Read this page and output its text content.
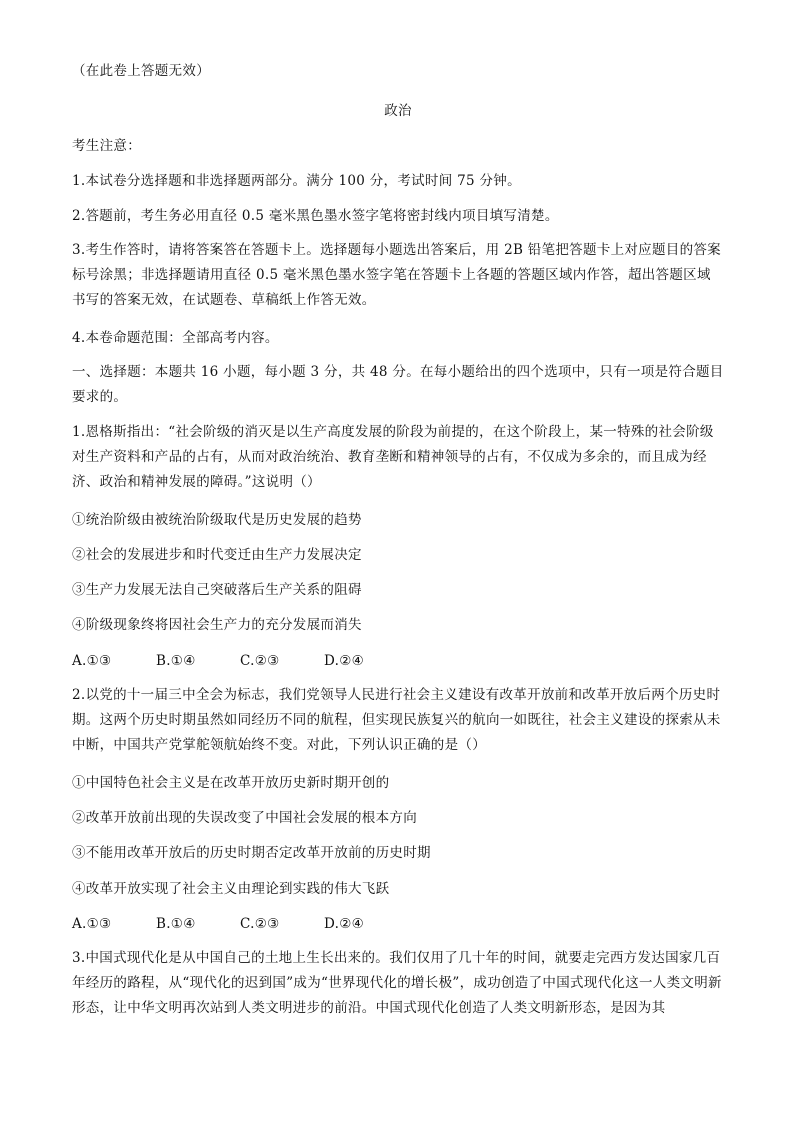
（在此卷上答题无效）
政治
考生注意：
1.本试卷分选择题和非选择题两部分。满分 100 分，考试时间 75 分钟。
2.答题前，考生务必用直径 0.5 毫米黑色墨水签字笔将密封线内项目填写清楚。
3.考生作答时，请将答案答在答题卡上。选择题每小题选出答案后，用 2B 铅笔把答题卡上对应题目的答案标号涂黑；非选择题请用直径 0.5 毫米黑色墨水签字笔在答题卡上各题的答题区域内作答，超出答题区域书写的答案无效，在试题卷、草稿纸上作答无效。
4.本卷命题范围：全部高考内容。
一、选择题：本题共 16 小题，每小题 3 分，共 48 分。在每小题给出的四个选项中，只有一项是符合题目要求的。
1.恩格斯指出：“社会阶级的消灭是以生产高度发展的阶段为前提的，在这个阶段上，某一特殊的社会阶级对生产资料和产品的占有，从而对政治统治、教育垄断和精神领导的占有，不仅成为多余的，而且成为经济、政治和精神发展的障碍。”这说明（）
①统治阶级由被统治阶级取代是历史发展的趋势
②社会的发展进步和时代变迁由生产力发展决定
③生产力发展无法自己突破落后生产关系的阻碍
④阶级现象终将因社会生产力的充分发展而消失
A.①③	B.①④	C.②③	D.②④
2.以党的十一届三中全会为标志，我们党领导人民进行社会主义建设有改革开放前和改革开放后两个历史时期。这两个历史时期虽然如同经历不同的航程，但实现民族复兴的航向一如既往，社会主义建设的探索从未中断，中国共产党掌舵领航始终不变。对此，下列认识正确的是（）
①中国特色社会主义是在改革开放历史新时期开创的
②改革开放前出现的失误改变了中国社会发展的根本方向
③不能用改革开放后的历史时期否定改革开放前的历史时期
④改革开放实现了社会主义由理论到实践的伟大飞跃
A.①③	B.①④	C.②③	D.②④
3.中国式现代化是从中国自己的土地上生长出来的。我们仅用了几十年的时间，就要走完西方发达国家几百年经历的路程，从“现代化的迟到国”成为“世界现代化的增长极”，成功创造了中国式现代化这一人类文明新形态，让中华文明再次站到人类文明进步的前沿。中国式现代化创造了人类文明新形态，是因为其
